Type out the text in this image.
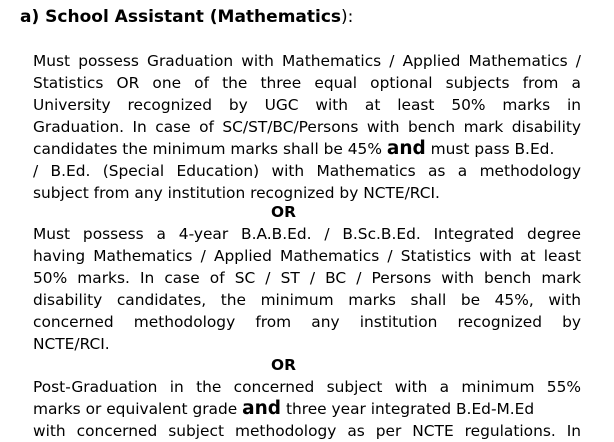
a) School Assistant (Mathematics):
Must possess Graduation with Mathematics / Applied Mathematics /
Statistics OR one of the three equal optional subjects from a
University recognized by UGC with at least 50% marks in
Graduation. In case of SC/ST/BC/Persons with bench mark disability
candidates the minimum marks shall be 45% and must pass B.Ed.
/ B.Ed. (Special Education) with Mathematics as a methodology
subject from any institution recognized by NCTE/RCI.
OR
Must possess a 4-year B.A.B.Ed. / B.Sc.B.Ed. Integrated degree
having Mathematics / Applied Mathematics / Statistics with at least
50% marks. In case of SC / ST / BC / Persons with bench mark
disability candidates, the minimum marks shall be 45%, with
concerned methodology from any institution recognized by
NCTE/RCI.
OR
Post-Graduation in the concerned subject with a minimum 55%
marks or equivalent grade and three year integrated B.Ed-M.Ed
with concerned subject methodology as per NCTE regulations. In
